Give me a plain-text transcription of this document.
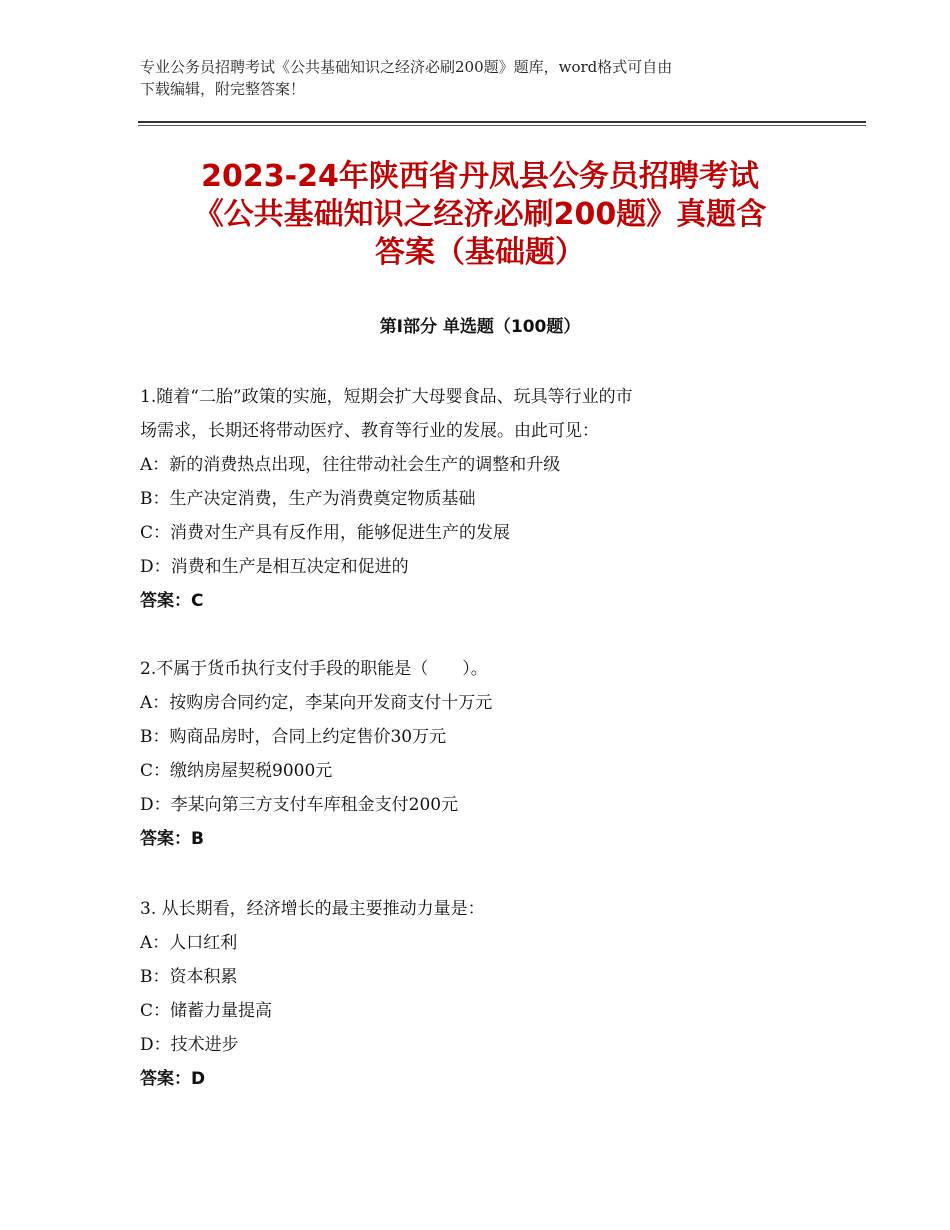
专业公务员招聘考试《公共基础知识之经济必刷200题》题库，word格式可自由
下载编辑，附完整答案！
2023-24年陕西省丹凤县公务员招聘考试
《公共基础知识之经济必刷200题》真题含
答案（基础题）
第Ⅰ部分 单选题（100题）
1.随着“二胎”政策的实施，短期会扩大母婴食品、玩具等行业的市
场需求，长期还将带动医疗、教育等行业的发展。由此可见：
A：新的消费热点出现，往往带动社会生产的调整和升级
B：生产决定消费，生产为消费奠定物质基础
C：消费对生产具有反作用，能够促进生产的发展
D：消费和生产是相互决定和促进的
答案：C
2.不属于货币执行支付手段的职能是（　　）。
A：按购房合同约定，李某向开发商支付十万元
B：购商品房时，合同上约定售价30万元
C：缴纳房屋契税9000元
D：李某向第三方支付车库租金支付200元
答案：B
3. 从长期看，经济增长的最主要推动力量是：
A：人口红利
B：资本积累
C：储蓄力量提高
D：技术进步
答案：D
